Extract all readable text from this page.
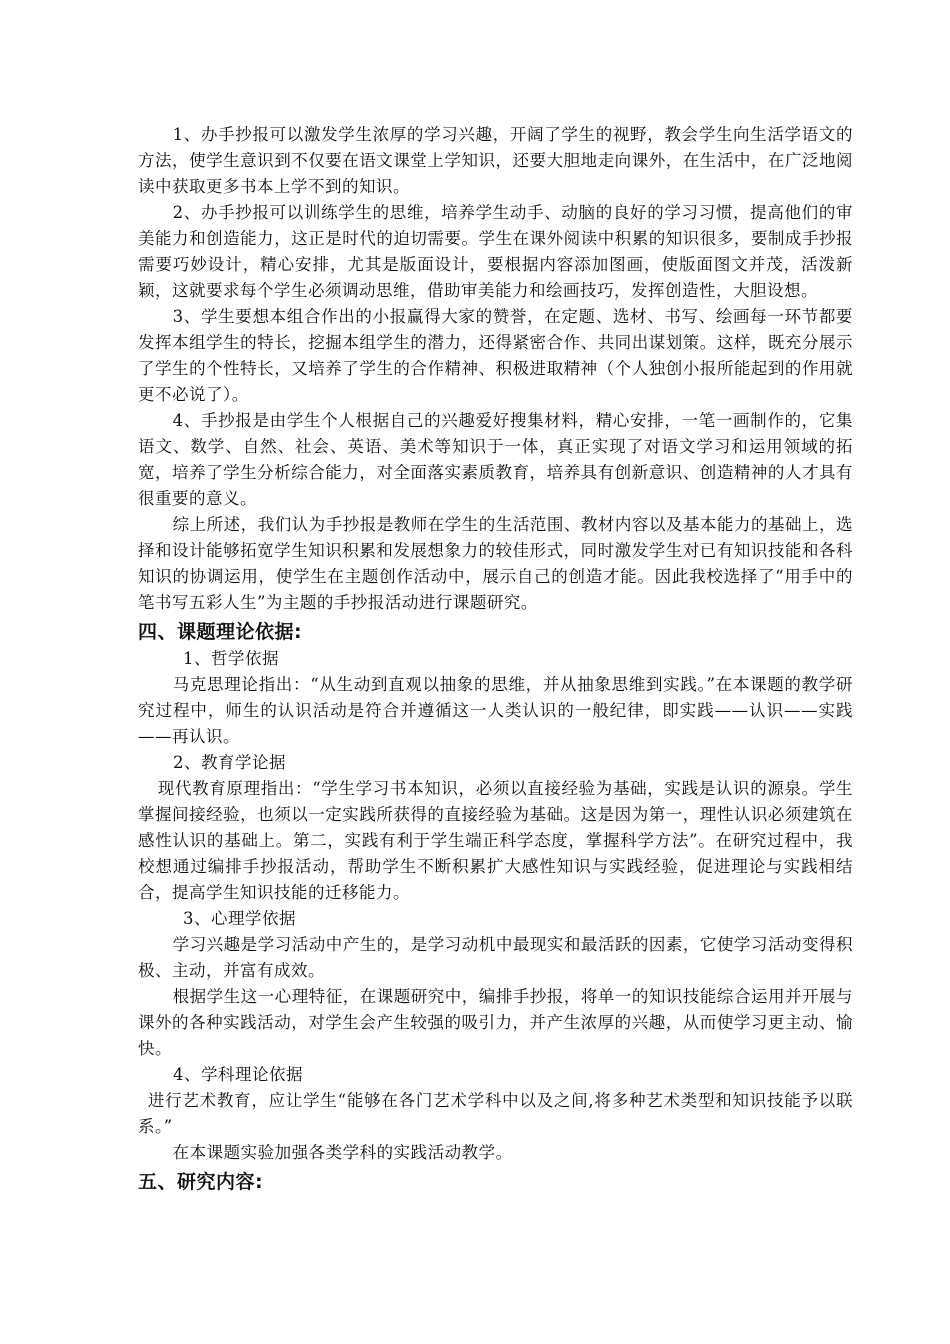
1、办手抄报可以激发学生浓厚的学习兴趣，开阔了学生的视野，教会学生向生活学语文的方法，使学生意识到不仅要在语文课堂上学知识，还要大胆地走向课外，在生活中，在广泛地阅读中获取更多书本上学不到的知识。

2、办手抄报可以训练学生的思维，培养学生动手、动脑的良好的学习习惯，提高他们的审美能力和创造能力，这正是时代的迫切需要。学生在课外阅读中积累的知识很多，要制成手抄报需要巧妙设计，精心安排，尤其是版面设计，要根据内容添加图画，使版面图文并茂，活泼新颖，这就要求每个学生必须调动思维，借助审美能力和绘画技巧，发挥创造性，大胆设想。

3、学生要想本组合作出的小报赢得大家的赞誉，在定题、选材、书写、绘画每一环节都要发挥本组学生的特长，挖掘本组学生的潜力，还得紧密合作、共同出谋划策。这样，既充分展示了学生的个性特长，又培养了学生的合作精神、积极进取精神（个人独创小报所能起到的作用就更不必说了）。

4、手抄报是由学生个人根据自己的兴趣爱好搜集材料，精心安排，一笔一画制作的，它集语文、数学、自然、社会、英语、美术等知识于一体，真正实现了对语文学习和运用领域的拓宽，培养了学生分析综合能力，对全面落实素质教育，培养具有创新意识、创造精神的人才具有很重要的意义。

综上所述，我们认为手抄报是教师在学生的生活范围、教材内容以及基本能力的基础上，选择和设计能够拓宽学生知识积累和发展想象力的较佳形式，同时激发学生对已有知识技能和各科知识的协调运用，使学生在主题创作活动中，展示自己的创造才能。因此我校选择了“用手中的笔书写五彩人生”为主题的手抄报活动进行课题研究。

四、课题理论依据:

1、哲学依据

马克思理论指出：“从生动到直观以抽象的思维，并从抽象思维到实践。”在本课题的教学研究过程中，师生的认识活动是符合并遵循这一人类认识的一般纪律，即实践——认识——实践——再认识。

2、教育学论据

现代教育原理指出：“学生学习书本知识，必须以直接经验为基础，实践是认识的源泉。学生掌握间接经验，也须以一定实践所获得的直接经验为基础。这是因为第一，理性认识必须建筑在感性认识的基础上。第二，实践有利于学生端正科学态度，掌握科学方法”。在研究过程中，我校想通过编排手抄报活动，帮助学生不断积累扩大感性知识与实践经验，促进理论与实践相结合，提高学生知识技能的迁移能力。

3、心理学依据

学习兴趣是学习活动中产生的，是学习动机中最现实和最活跃的因素，它使学习活动变得积极、主动，并富有成效。

根据学生这一心理特征，在课题研究中，编排手抄报，将单一的知识技能综合运用并开展与课外的各种实践活动，对学生会产生较强的吸引力，并产生浓厚的兴趣，从而使学习更主动、愉快。

4、学科理论依据

进行艺术教育，应让学生“能够在各门艺术学科中以及之间,将多种艺术类型和知识技能予以联系。”

在本课题实验加强各类学科的实践活动教学。

五、研究内容:
